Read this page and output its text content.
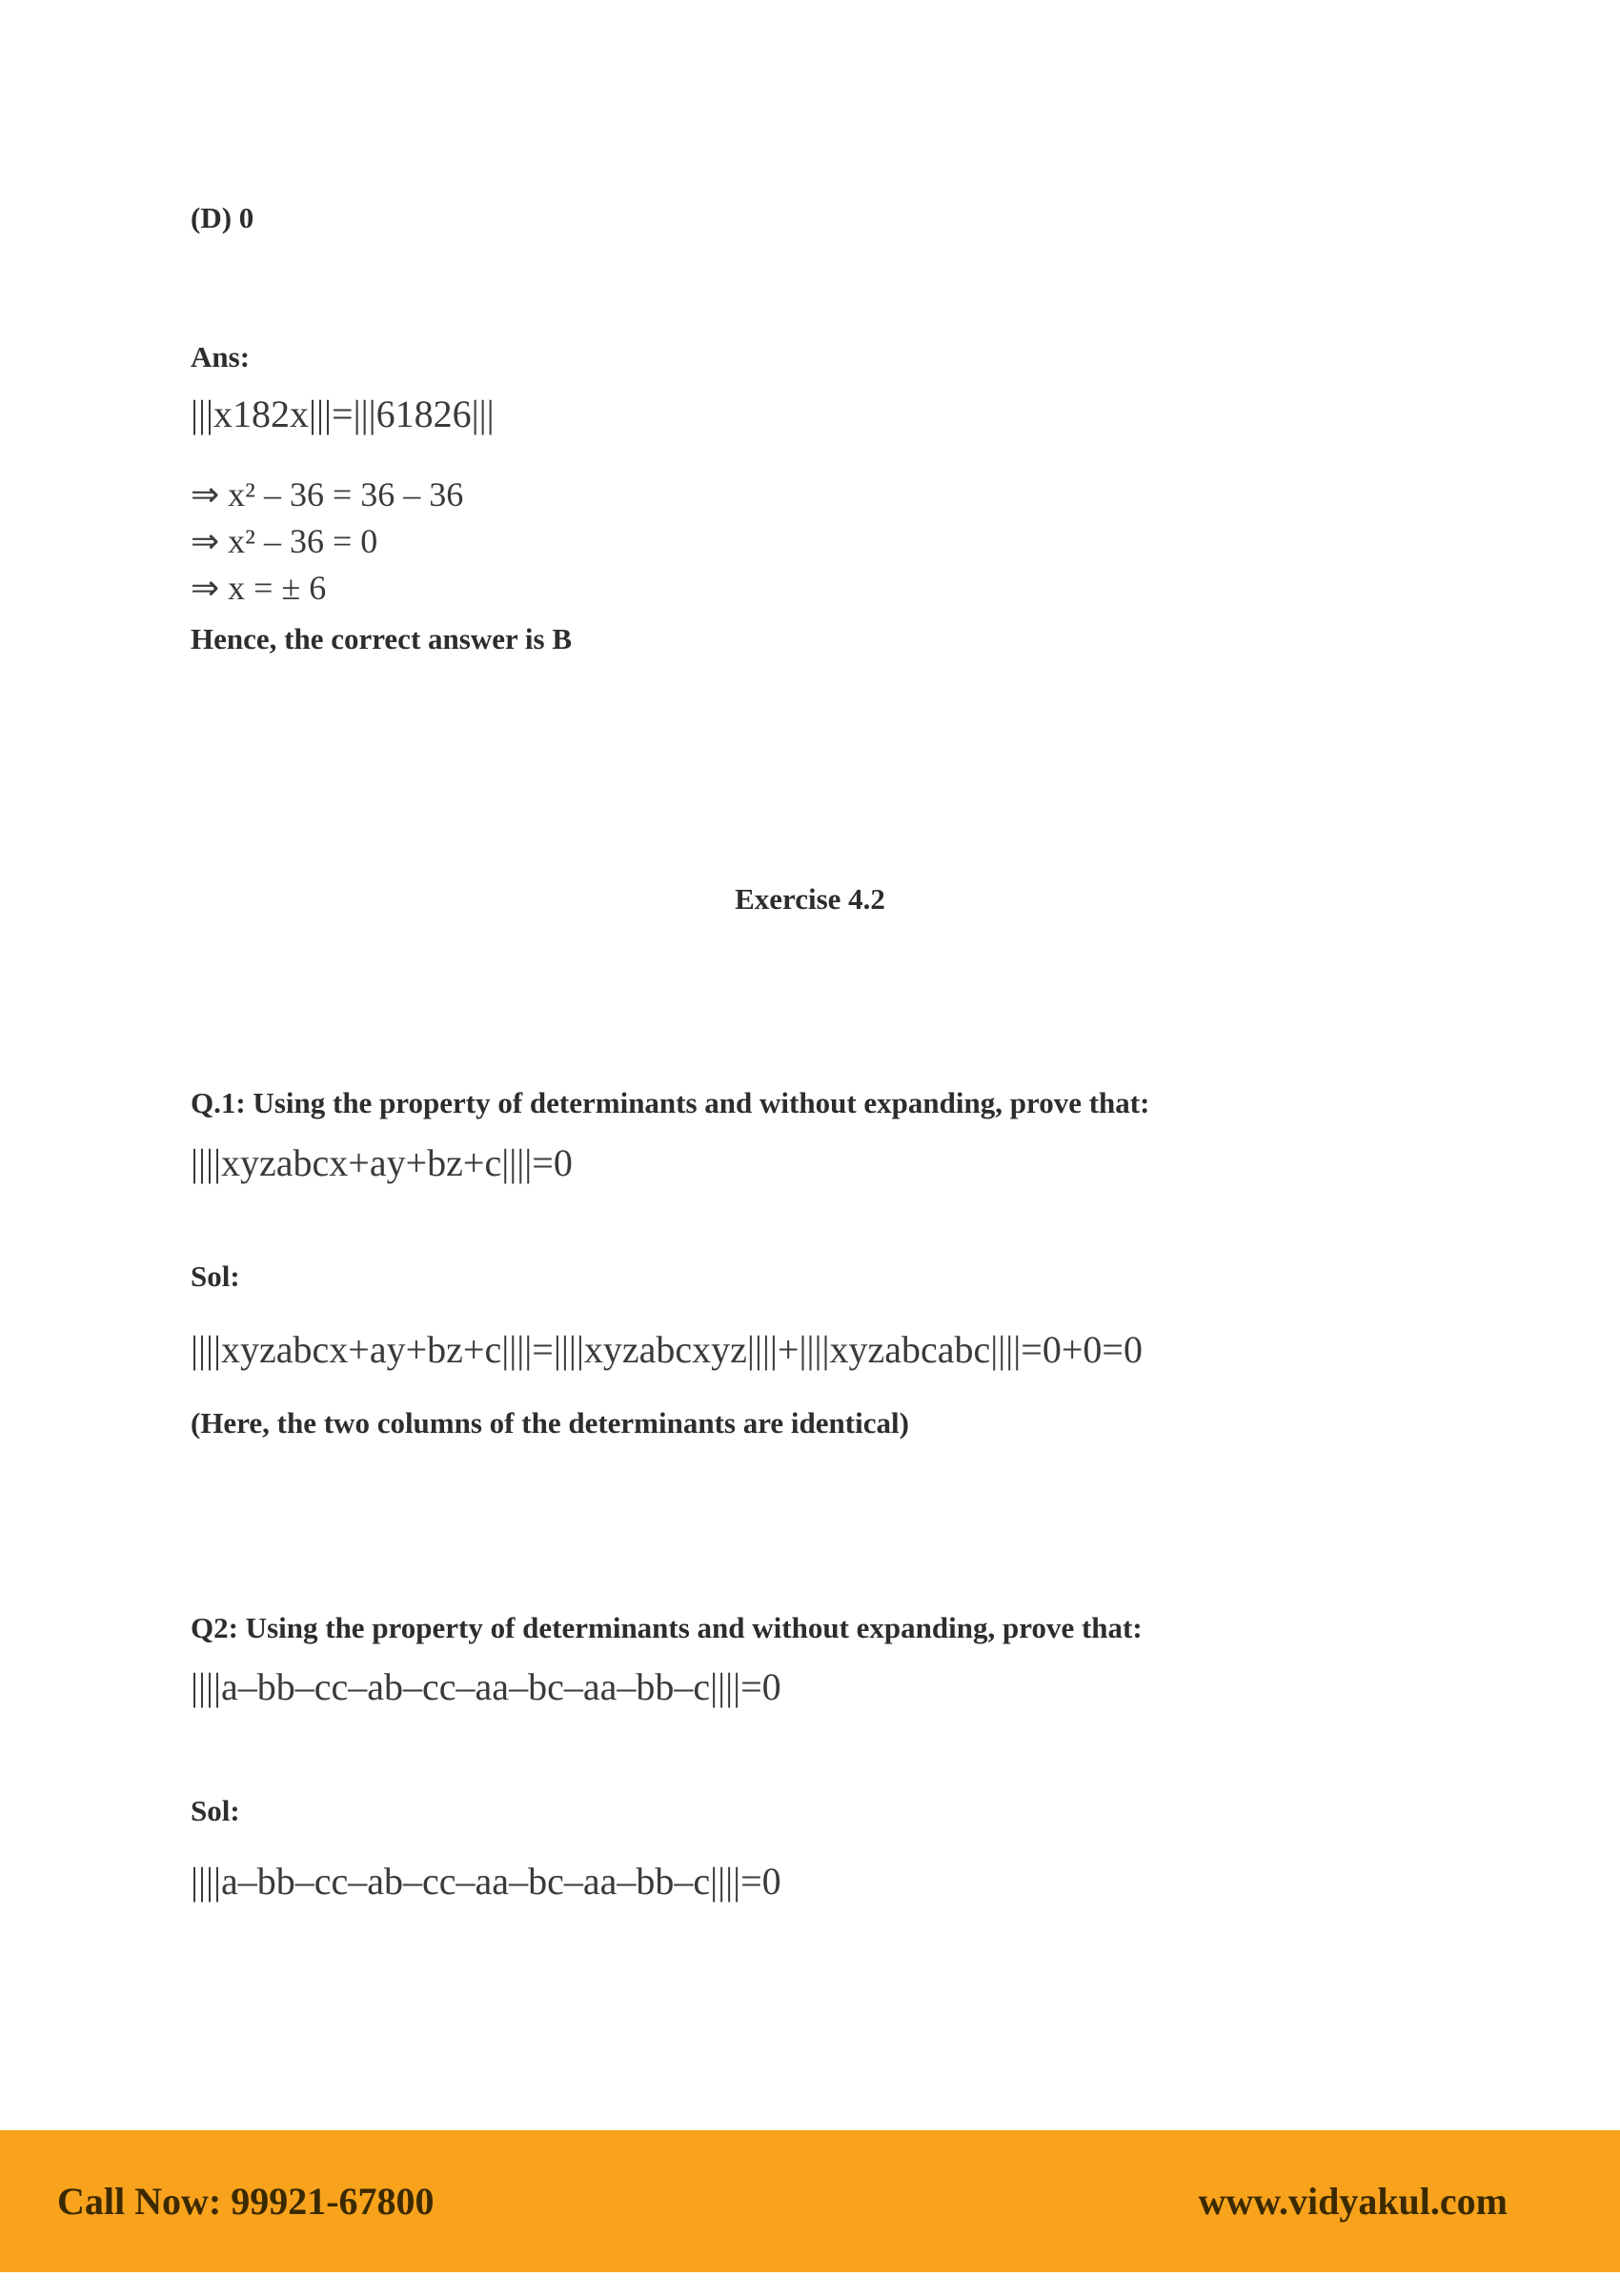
(D) 0
Ans:
|||x182x|||=|||61826|||
⇒ x² – 36 = 36 – 36
⇒ x² – 36 = 0
⇒ x = ± 6
Hence, the correct answer is B
Exercise 4.2
Q.1: Using the property of determinants and without expanding, prove that:
||||xyzabcx+ay+bz+c||||=0
Sol:
||||xyzabcx+ay+bz+c||||=||||xyzabcxyz||||+||||xyzabcabc||||=0+0=0
(Here, the two columns of the determinants are identical)
Q2: Using the property of determinants and without expanding, prove that:
||||a–bb–cc–ab–cc–aa–bc–aa–bb–c||||=0
Sol:
||||a–bb–cc–ab–cc–aa–bc–aa–bb–c||||=0
Call Now: 99921-67800	www.vidyakul.com
